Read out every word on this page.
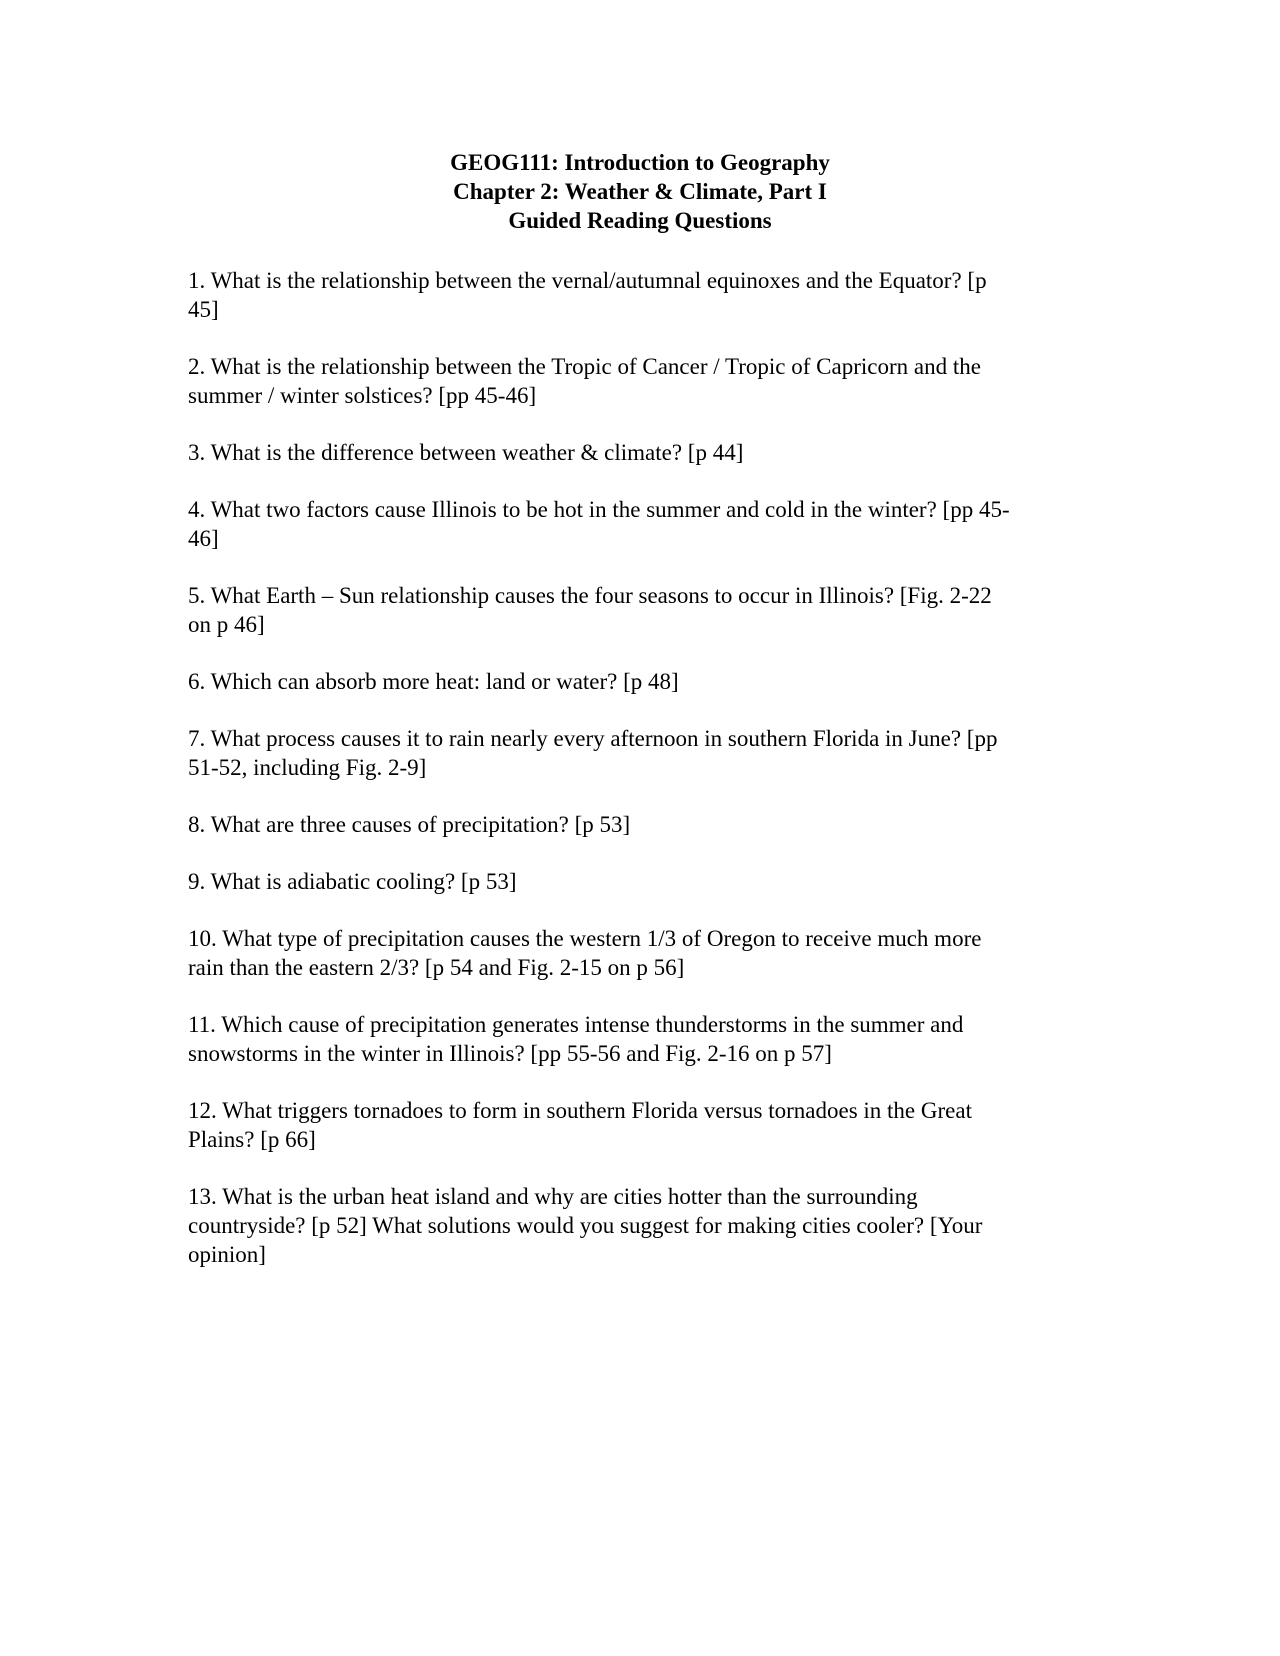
GEOG111: Introduction to Geography
Chapter 2: Weather & Climate, Part I
Guided Reading Questions

1. What is the relationship between the vernal/autumnal equinoxes and the Equator? [p
45]

2. What is the relationship between the Tropic of Cancer / Tropic of Capricorn and the
summer / winter solstices? [pp 45-46]

3. What is the difference between weather & climate? [p 44]

4. What two factors cause Illinois to be hot in the summer and cold in the winter? [pp 45-
46]

5. What Earth – Sun relationship causes the four seasons to occur in Illinois? [Fig. 2-22
on p 46]

6. Which can absorb more heat: land or water? [p 48]

7. What process causes it to rain nearly every afternoon in southern Florida in June? [pp
51-52, including Fig. 2-9]

8. What are three causes of precipitation? [p 53]

9. What is adiabatic cooling? [p 53]

10. What type of precipitation causes the western 1/3 of Oregon to receive much more
rain than the eastern 2/3? [p 54 and Fig. 2-15 on p 56]

11. Which cause of precipitation generates intense thunderstorms in the summer and
snowstorms in the winter in Illinois? [pp 55-56 and Fig. 2-16 on p 57]

12. What triggers tornadoes to form in southern Florida versus tornadoes in the Great
Plains? [p 66]

13. What is the urban heat island and why are cities hotter than the surrounding
countryside? [p 52] What solutions would you suggest for making cities cooler? [Your
opinion]
